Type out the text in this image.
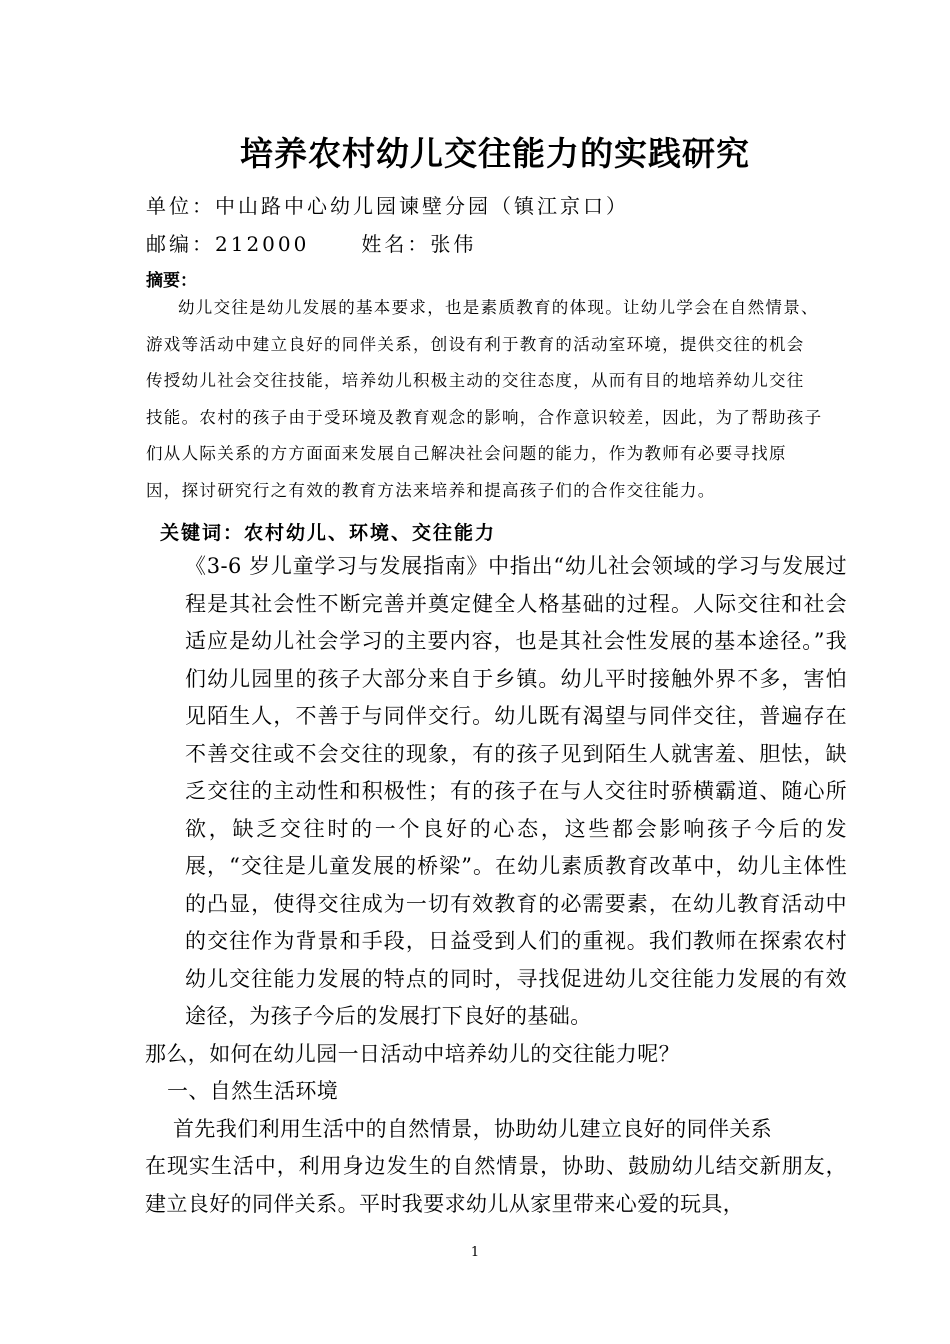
培养农村幼儿交往能力的实践研究
单位：中山路中心幼儿园谏壁分园（镇江京口）
邮编：212000	姓名：张伟
摘要：

幼儿交往是幼儿发展的基本要求，也是素质教育的体现。让幼儿学会在自然情景、

游戏等活动中建立良好的同伴关系，创设有利于教育的活动室环境，提供交往的机会

传授幼儿社会交往技能，培养幼儿积极主动的交往态度，从而有目的地培养幼儿交往

技能。农村的孩子由于受环境及教育观念的影响，合作意识较差，因此，为了帮助孩子

们从人际关系的方方面面来发展自己解决社会问题的能力，作为教师有必要寻找原

因，探讨研究行之有效的教育方法来培养和提高孩子们的合作交往能力。

关键词：农村幼儿、环境、交往能力

《3-6 岁儿童学习与发展指南》中指出“幼儿社会领域的学习与发展过程是其社会性不断完善并奠定健全人格基础的过程。人际交往和社会适应是幼儿社会学习的主要内容，也是其社会性发展的基本途径。”我们幼儿园里的孩子大部分来自于乡镇。幼儿平时接触外界不多，害怕见陌生人，不善于与同伴交行。幼儿既有渴望与同伴交往，普遍存在不善交往或不会交往的现象，有的孩子见到陌生人就害羞、胆怯，缺乏交往的主动性和积极性；有的孩子在与人交往时骄横霸道、随心所欲，缺乏交往时的一个良好的心态，这些都会影响孩子今后的发展，“交往是儿童发展的桥梁”。在幼儿素质教育改革中，幼儿主体性的凸显，使得交往成为一切有效教育的必需要素，在幼儿教育活动中的交往作为背景和手段，日益受到人们的重视。我们教师在探索农村幼儿交往能力发展的特点的同时，寻找促进幼儿交往能力发展的有效途径，为孩子今后的发展打下良好的基础。

那么，如何在幼儿园一日活动中培养幼儿的交往能力呢？

一、自然生活环境

首先我们利用生活中的自然情景，协助幼儿建立良好的同伴关系

在现实生活中，利用身边发生的自然情景，协助、鼓励幼儿结交新朋友，建立良好的同伴关系。平时我要求幼儿从家里带来心爱的玩具，

1
